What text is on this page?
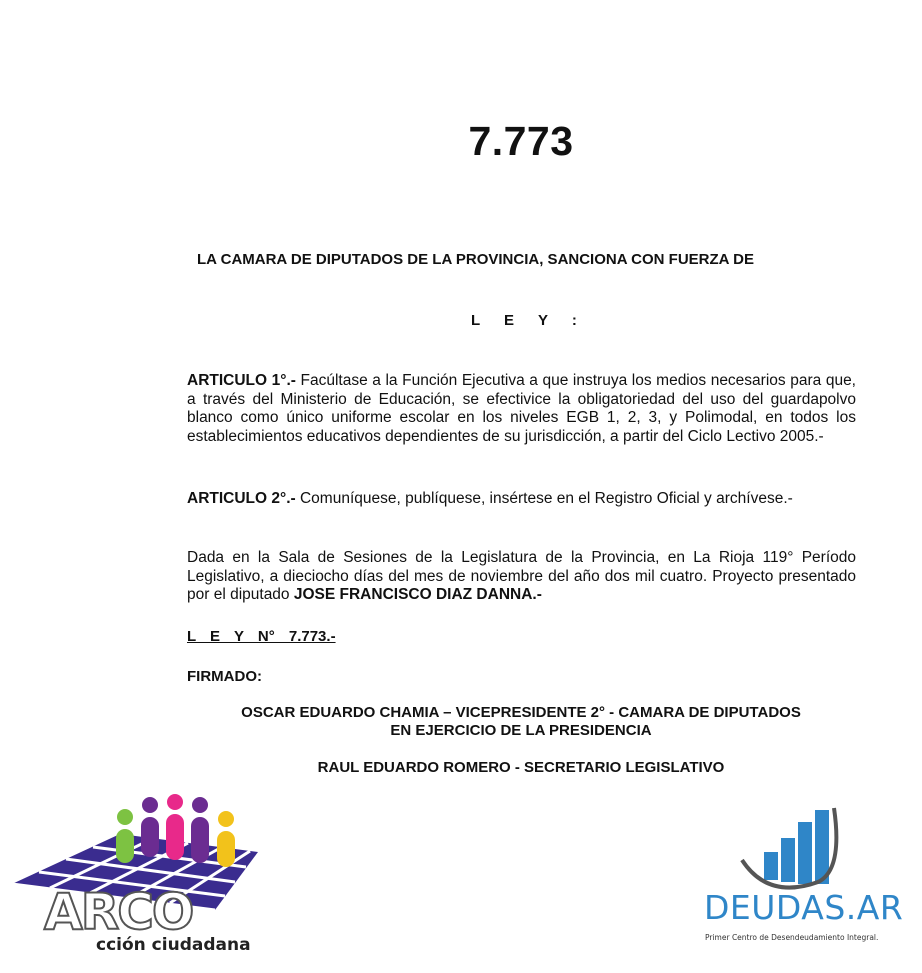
7.773
LA CAMARA DE DIPUTADOS DE LA PROVINCIA, SANCIONA CON FUERZA DE
L E Y :
ARTICULO 1°.- Facúltase a la Función Ejecutiva a que instruya los medios necesarios para que, a través del Ministerio de Educación, se efectivice la obligatoriedad del uso del guardapolvo blanco como único uniforme escolar en los niveles EGB 1, 2, 3, y Polimodal, en todos los establecimientos educativos dependientes de su jurisdicción, a partir del Ciclo Lectivo 2005.-
ARTICULO 2°.- Comuníquese, publíquese, insértese en el Registro Oficial y archívese.-
Dada en la Sala de Sesiones de la Legislatura de la Provincia, en La Rioja 119° Período Legislativo, a dieciocho días del mes de noviembre del año dos mil cuatro. Proyecto presentado por el diputado JOSE FRANCISCO DIAZ DANNA.-
L E Y N° 7.773.-
FIRMADO:
OSCAR EDUARDO CHAMIA – VICEPRESIDENTE 2° - CAMARA DE DIPUTADOS
EN EJERCICIO DE LA PRESIDENCIA
RAUL EDUARDO ROMERO - SECRETARIO LEGISLATIVO
ARCO
cción ciudadana
DEUDAS.AR
Primer Centro de Desendeudamiento Integral.
